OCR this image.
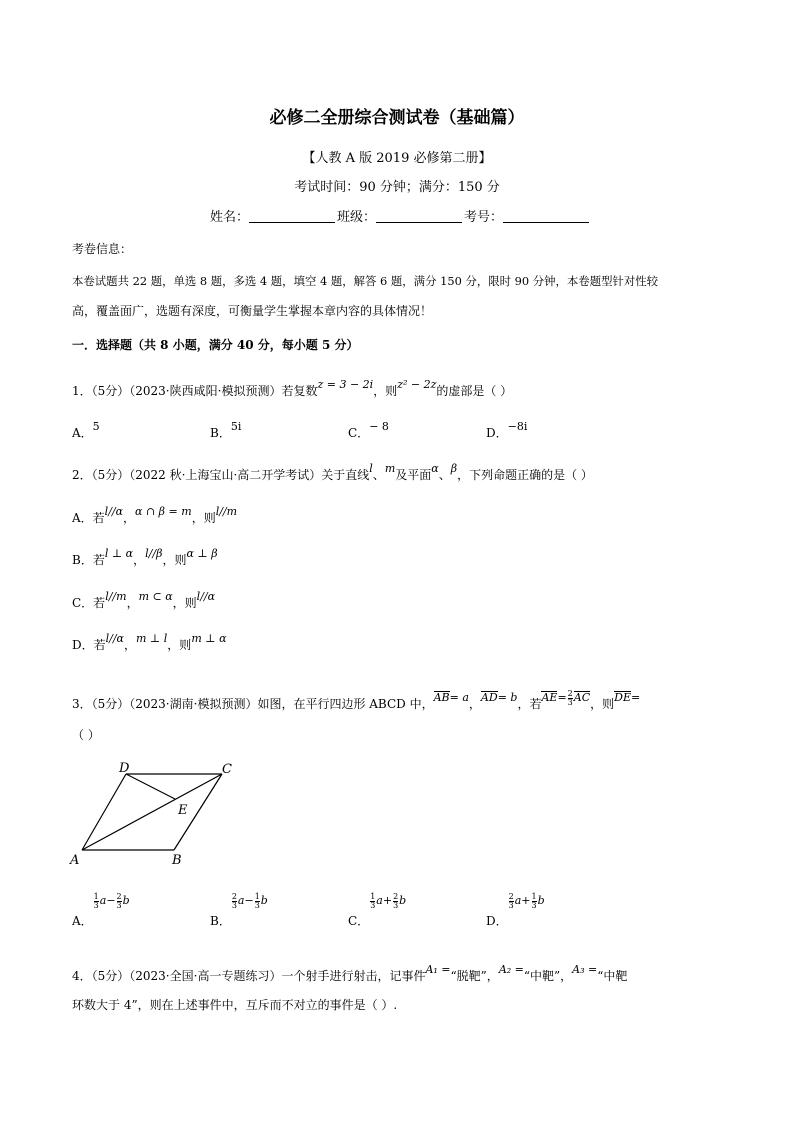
必修二全册综合测试卷（基础篇）
【人教 A 版 2019 必修第二册】
考试时间：90 分钟；满分：150 分
姓名：	班级：	考号：
考卷信息：
本卷试题共 22 题，单选 8 题，多选 4 题，填空 4 题，解答 6 题，满分 150 分，限时 90 分钟，本卷题型针对性较
高，覆盖面广，选题有深度，可衡量学生掌握本章内容的具体情况！
一．选择题（共 8 小题，满分 40 分，每小题 5 分）
1．（5分）（2023·陕西咸阳·模拟预测）若复数z = 3 − 2i，则z² − 2z的虚部是（ ）
A．5	B．5i	C．− 8	D．−8i
2．（5分）（2022 秋·上海宝山·高二开学考试）关于直线l、m及平面α、β，下列命题正确的是（ ）
A．若l//α，α ∩ β = m，则l//m
B．若l ⊥ α，l//β，则α ⊥ β
C．若l//m，m ⊂ α，则l//α
D．若l//α，m ⊥ l，则m ⊥ α
3．（5分）（2023·湖南·模拟预测）如图，在平行四边形 ABCD 中，AB= a，AD= b，若$AE= \frac{2}{3}$ AC，则DE=
（ ）
A	B
C
D
E
A．
$\frac{1}{3} a- \frac{2}{3}$ b
B．
$\frac{2}{3} a- \frac{1}{3}$ b
C．
$\frac{1}{3} a+ \frac{2}{3}$ b
D．
$\frac{2}{3} a+ \frac{1}{3}$ b
4．（5分）（2023·全国·高一专题练习）一个射手进行射击，记事件A₁ =“脱靶”，A₂ =“中靶”，A₃ =“中靶
环数大于 4”，则在上述事件中，互斥而不对立的事件是（ ）.
